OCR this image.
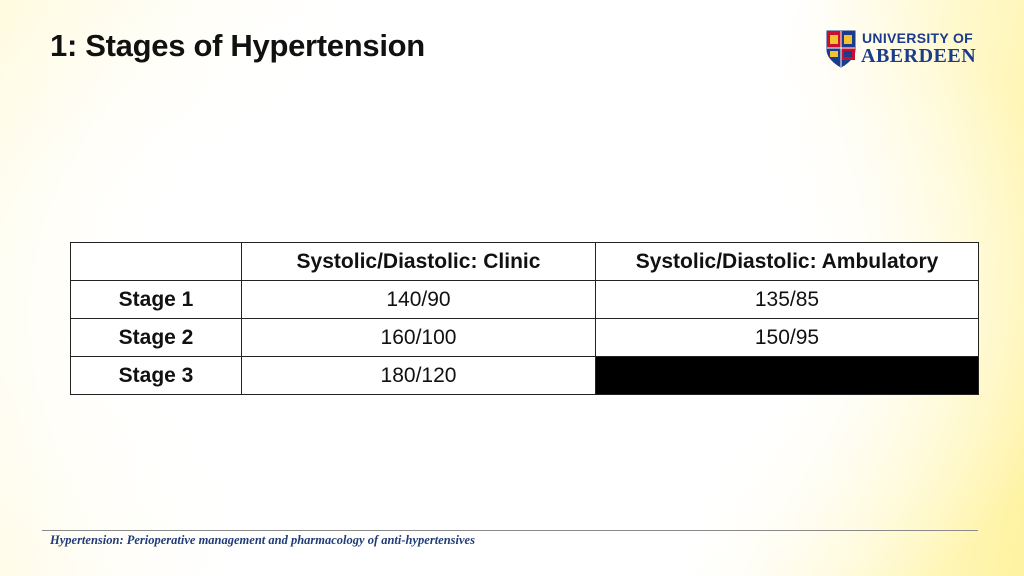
1: Stages of Hypertension	UNIVERSITY OF
ABERDEEN
	Systolic/Diastolic: Clinic	Systolic/Diastolic: Ambulatory
Stage 1	140/90	135/85
Stage 2	160/100	150/95
Stage 3	180/120	
Hypertension: Perioperative management and pharmacology of anti-hypertensives
